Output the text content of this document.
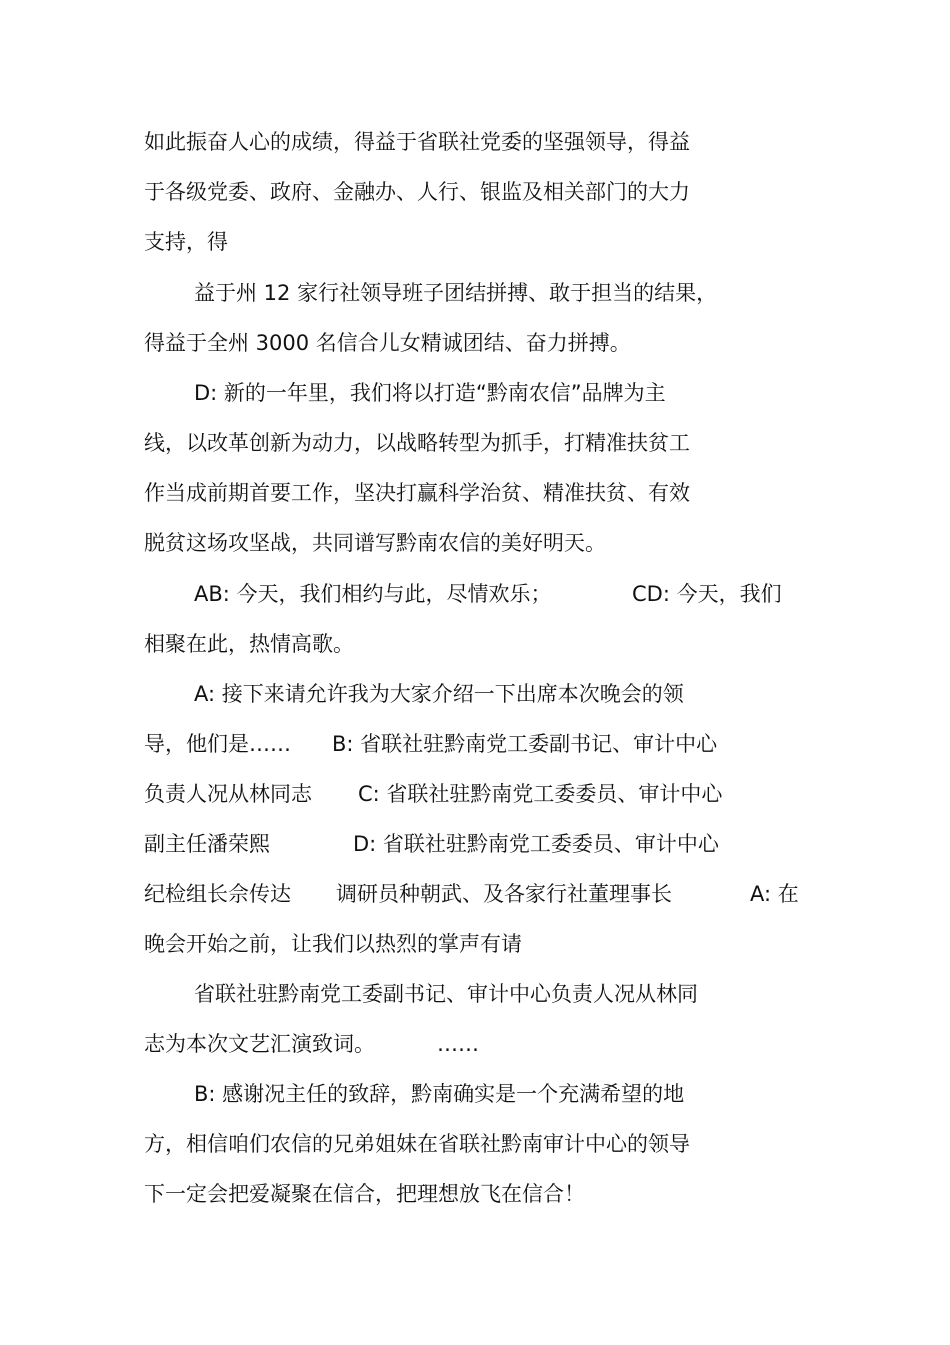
如此振奋人心的成绩，得益于省联社党委的坚强领导，得益
于各级党委、政府、金融办、人行、银监及相关部门的大力
支持，得
益于州 12 家行社领导班子团结拼搏、敢于担当的结果，
得益于全州 3000 名信合儿女精诚团结、奋力拼搏。
D: 新的一年里，我们将以打造“黔南农信”品牌为主
线，以改革创新为动力，以战略转型为抓手，打精准扶贫工
作当成前期首要工作，坚决打赢科学治贫、精准扶贫、有效
脱贫这场攻坚战，共同谱写黔南农信的美好明天。
AB: 今天，我们相约与此，尽情欢乐；	CD: 今天，我们
相聚在此，热情高歌。
A: 接下来请允许我为大家介绍一下出席本次晚会的领
导，他们是…… B: 省联社驻黔南党工委副书记、审计中心
负责人况从林同志 C: 省联社驻黔南党工委委员、审计中心
副主任潘荣熙	D: 省联社驻黔南党工委委员、审计中心
纪检组长佘传达 调研员种朝武、及各家行社董理事长	A: 在
晚会开始之前，让我们以热烈的掌声有请
省联社驻黔南党工委副书记、审计中心负责人况从林同
志为本次文艺汇演致词。	……
B: 感谢况主任的致辞，黔南确实是一个充满希望的地
方，相信咱们农信的兄弟姐妹在省联社黔南审计中心的领导
下一定会把爱凝聚在信合，把理想放飞在信合！
